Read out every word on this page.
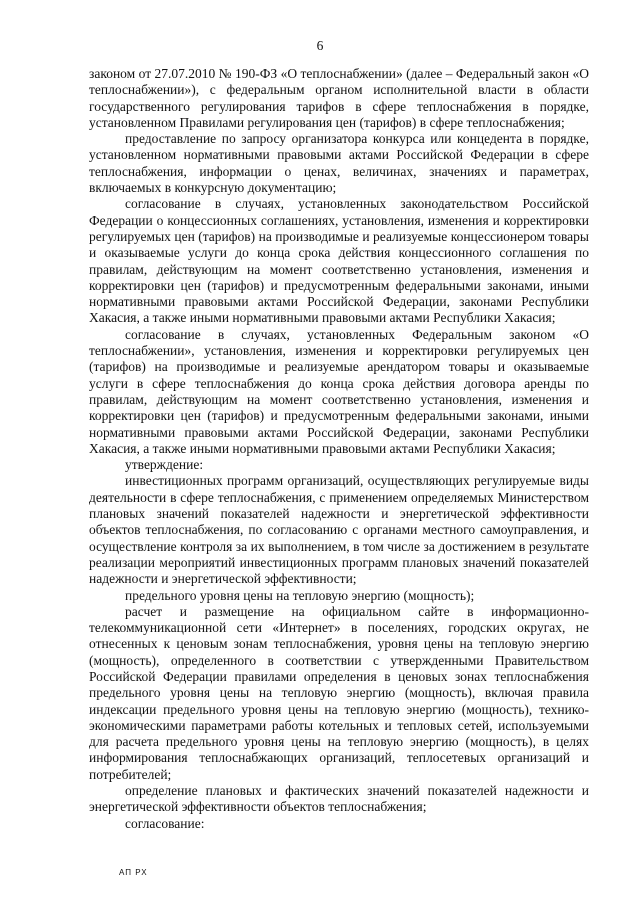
6

законом от 27.07.2010 № 190-ФЗ «О теплоснабжении» (далее – Федеральный закон «О теплоснабжении»), с федеральным органом исполнительной власти в области государственного регулирования тарифов в сфере теплоснабжения в порядке, установленном Правилами регулирования цен (тарифов) в сфере теплоснабжения;

предоставление по запросу организатора конкурса или концедента в порядке, установленном нормативными правовыми актами Российской Федерации в сфере теплоснабжения, информации о ценах, величинах, значениях и параметрах, включаемых в конкурсную документацию;

согласование в случаях, установленных законодательством Российской Федерации о концессионных соглашениях, установления, изменения и корректировки регулируемых цен (тарифов) на производимые и реализуемые концессионером товары и оказываемые услуги до конца срока действия концессионного соглашения по правилам, действующим на момент соответственно установления, изменения и корректировки цен (тарифов) и предусмотренным федеральными законами, иными нормативными правовыми актами Российской Федерации, законами Республики Хакасия, а также иными нормативными правовыми актами Республики Хакасия;

согласование в случаях, установленных Федеральным законом «О теплоснабжении», установления, изменения и корректировки регулируемых цен (тарифов) на производимые и реализуемые арендатором товары и оказываемые услуги в сфере теплоснабжения до конца срока действия договора аренды по правилам, действующим на момент соответственно установления, изменения и корректировки цен (тарифов) и предусмотренным федеральными законами, иными нормативными правовыми актами Российской Федерации, законами Республики Хакасия, а также иными нормативными правовыми актами Республики Хакасия;

утверждение:

инвестиционных программ организаций, осуществляющих регулируемые виды деятельности в сфере теплоснабжения, с применением определяемых Министерством плановых значений показателей надежности и энергетической эффективности объектов теплоснабжения, по согласованию с органами местного самоуправления, и осуществление контроля за их выполнением, в том числе за достижением в результате реализации мероприятий инвестиционных программ плановых значений показателей надежности и энергетической эффективности;

предельного уровня цены на тепловую энергию (мощность);

расчет и размещение на официальном сайте в информационно-телекоммуникационной сети «Интернет» в поселениях, городских округах, не отнесенных к ценовым зонам теплоснабжения, уровня цены на тепловую энергию (мощность), определенного в соответствии с утвержденными Правительством Российской Федерации правилами определения в ценовых зонах теплоснабжения предельного уровня цены на тепловую энергию (мощность), включая правила индексации предельного уровня цены на тепловую энергию (мощность), технико-экономическими параметрами работы котельных и тепловых сетей, используемыми для расчета предельного уровня цены на тепловую энергию (мощность), в целях информирования теплоснабжающих организаций, теплосетевых организаций и потребителей;

определение плановых и фактических значений показателей надежности и энергетической эффективности объектов теплоснабжения;

согласование:

АП РХ
